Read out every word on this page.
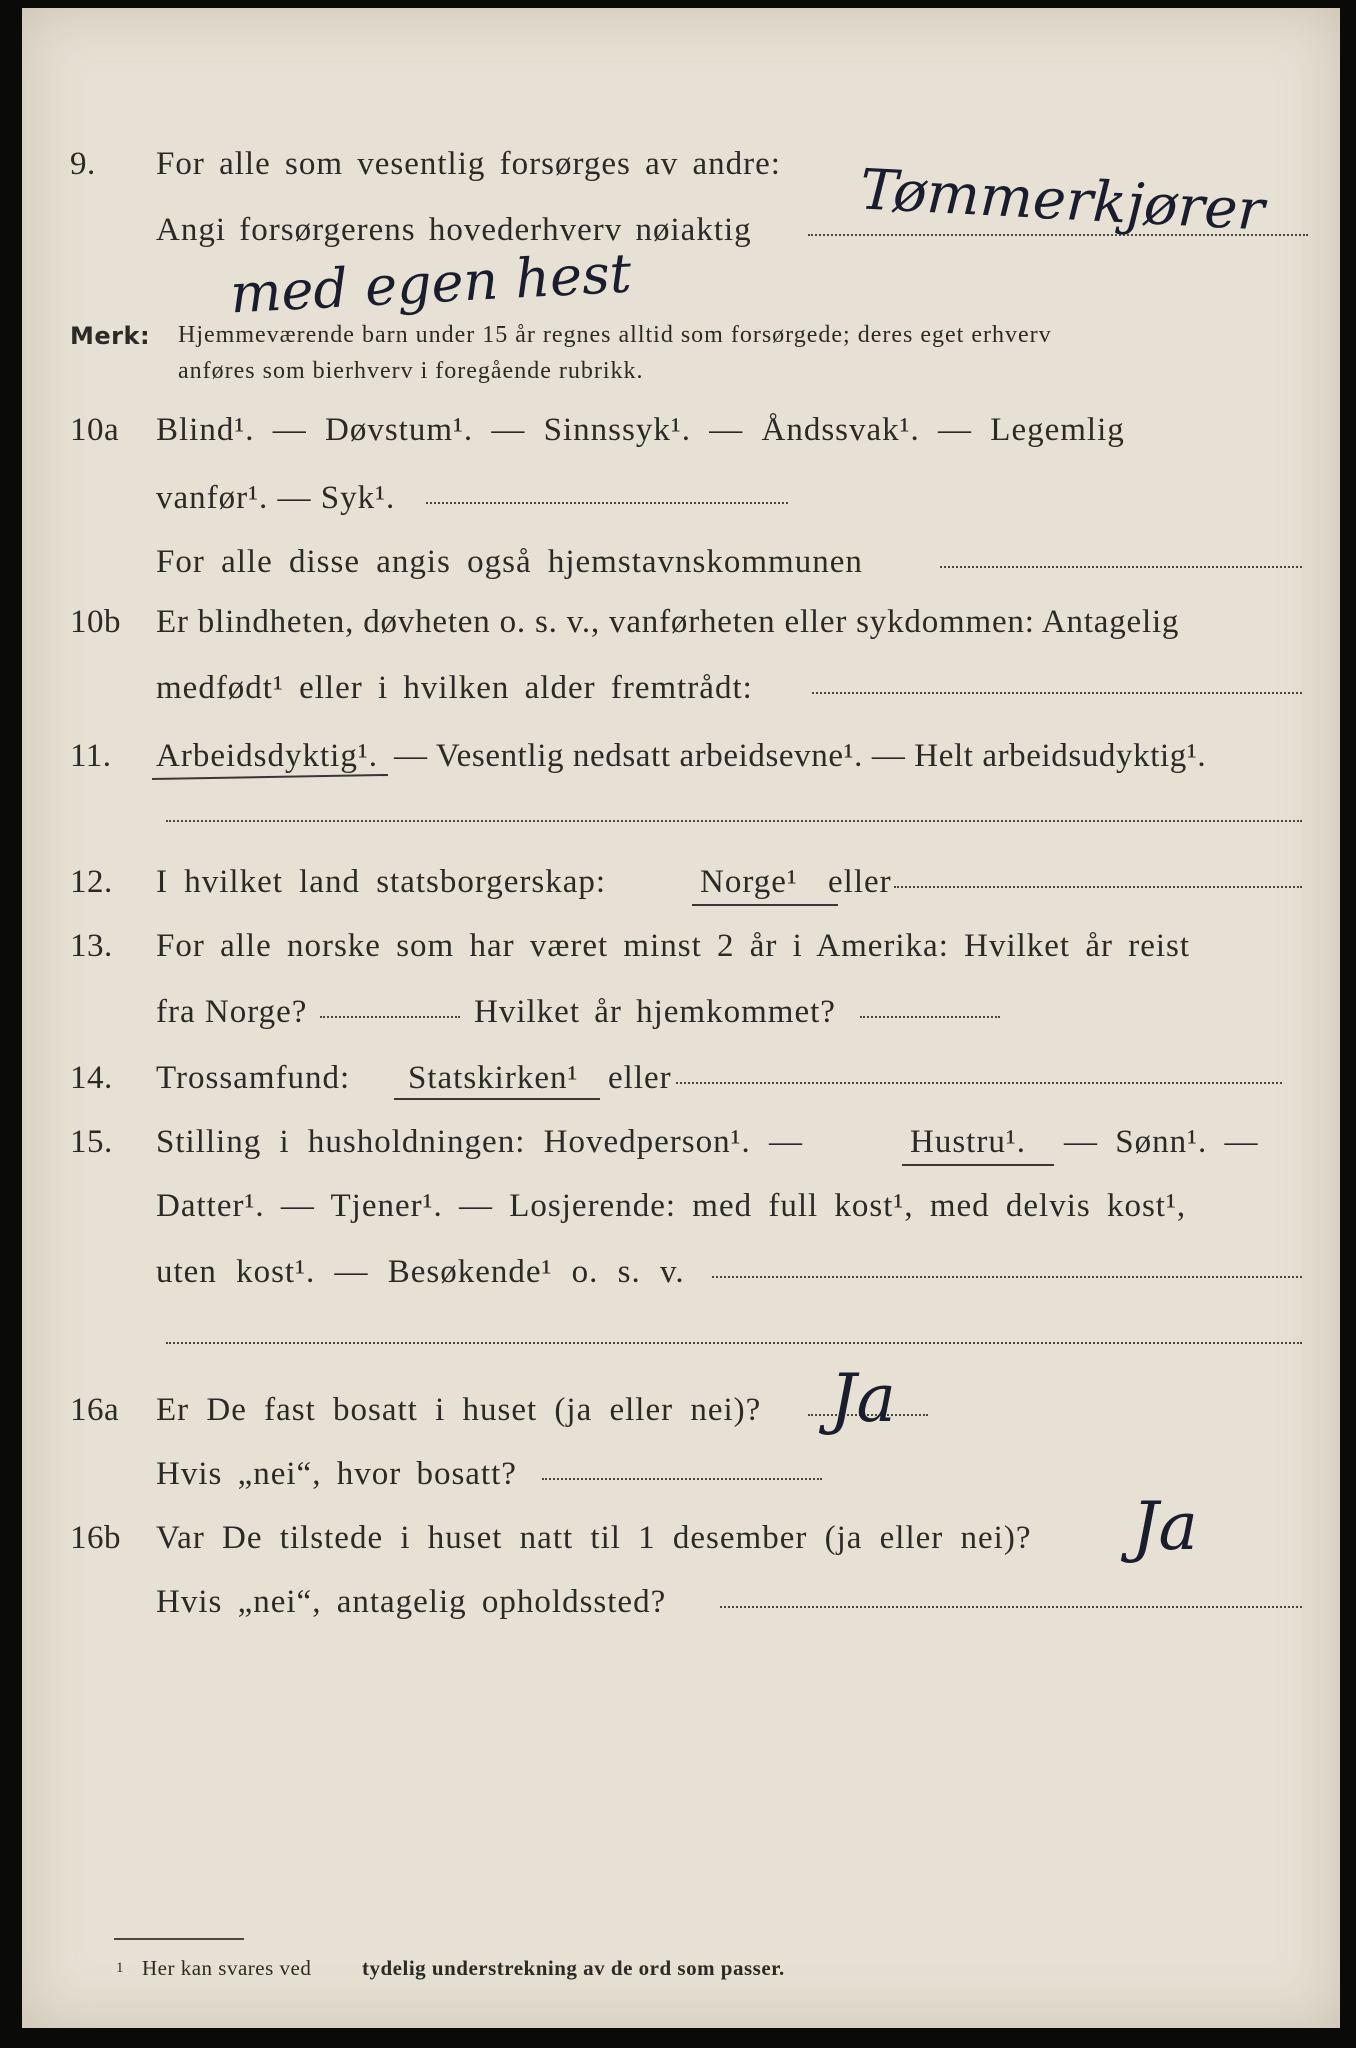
9. For alle som vesentlig forsørges av andre:
Angi forsørgerens hovederhverv nøiaktig Tømmerkjører
med egen hest
Merk: Hjemmeværende barn under 15 år regnes alltid som forsørgede; deres eget erhverv
anføres som bierhverv i foregående rubrikk.
10a Blind¹. — Døvstum¹. — Sinnssyk¹. — Åndssvak¹. — Legemlig
vanfør¹. — Syk¹.
For alle disse angis også hjemstavnskommunen
10b Er blindheten, døvheten o. s. v., vanførheten eller sykdommen: Antagelig
medfødt¹ eller i hvilken alder fremtrådt:
11. Arbeidsdyktig¹. — Vesentlig nedsatt arbeidsevne¹. — Helt arbeidsudyktig¹.
12. I hvilket land statsborgerskap:	Norge¹ eller
13. For alle norske som har været minst 2 år i Amerika: Hvilket år reist
fra Norge?	Hvilket år hjemkommet?
14. Trossamfund: Statskirken¹ eller
15. Stilling i husholdningen: Hovedperson¹. —	Hustru¹. — Sønn¹. —
Datter¹. — Tjener¹. — Losjerende: med full kost¹, med delvis kost¹,
uten kost¹. — Besøkende¹ o. s. v.
16a Er De fast bosatt i huset (ja eller nei)? Ja
Hvis „nei“, hvor bosatt?
16b Var De tilstede i huset natt til 1 desember (ja eller nei)? Ja
Hvis „nei“, antagelig opholdssted?
1 Her kan svares ved tydelig understrekning av de ord som passer.
